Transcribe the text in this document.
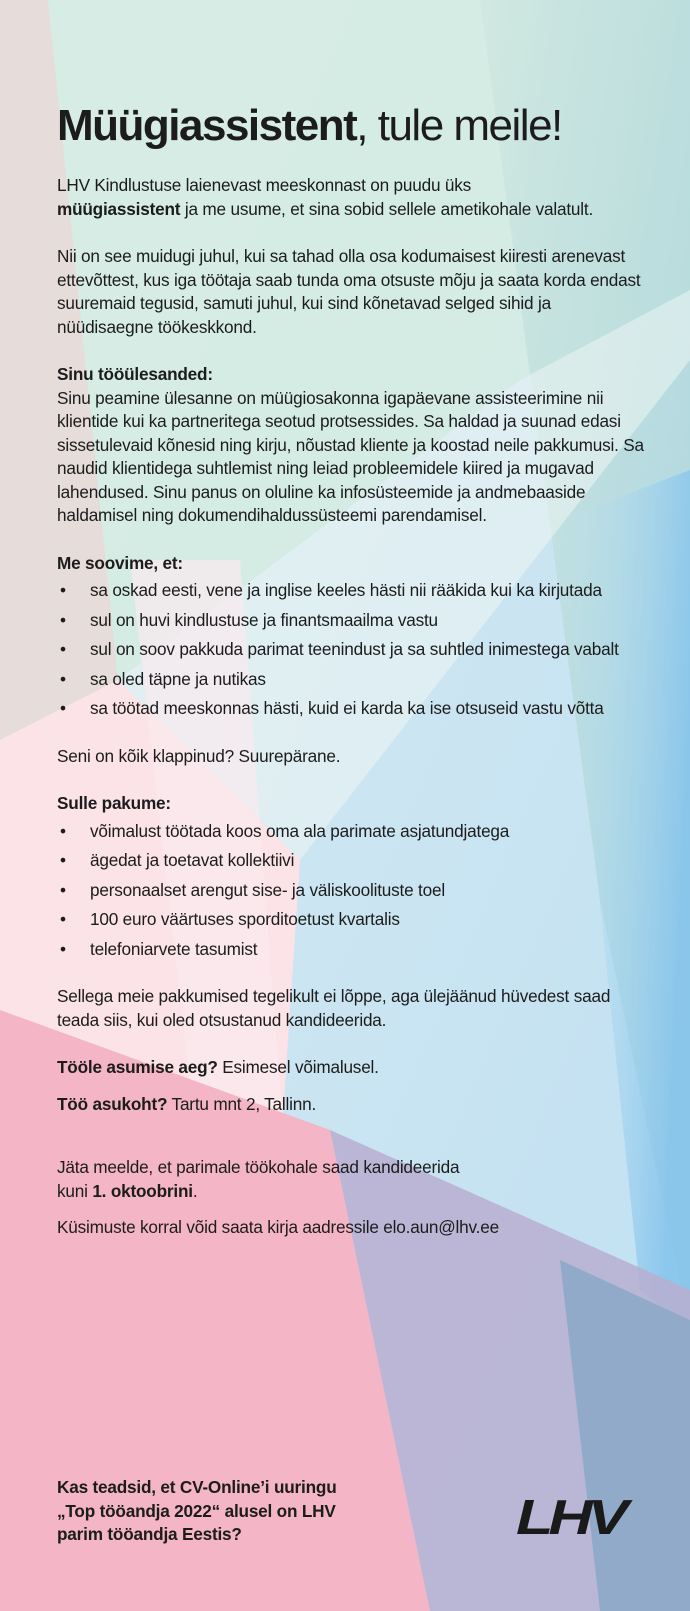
Müügiassistent, tule meile!

LHV Kindlustuse laienevast meeskonnast on puudu üks
müügiassistent ja me usume, et sina sobid sellele ametikohale valatult.

Nii on see muidugi juhul, kui sa tahad olla osa kodumaisest kiiresti arenevast ettevõttest, kus iga töötaja saab tunda oma otsuste mõju ja saata korda endast suuremaid tegusid, samuti juhul, kui sind kõnetavad selged sihid ja nüüdisaegne töökeskkond.

Sinu tööülesanded:

Sinu peamine ülesanne on müügiosakonna igapäevane assisteerimine nii klientide kui ka partneritega seotud protsessides. Sa haldad ja suunad edasi sissetulevaid kõnesid ning kirju, nõustad kliente ja koostad neile pakkumusi. Sa naudid klientidega suhtlemist ning leiad probleemidele kiired ja mugavad lahendused. Sinu panus on oluline ka infosüsteemide ja andmebaaside haldamisel ning dokumendihaldussüsteemi parendamisel.

Me soovime, et:

• sa oskad eesti, vene ja inglise keeles hästi nii rääkida kui ka kirjutada
• sul on huvi kindlustuse ja finantsmaailma vastu
• sul on soov pakkuda parimat teenindust ja sa suhtled inimestega vabalt
• sa oled täpne ja nutikas
• sa töötad meeskonnas hästi, kuid ei karda ka ise otsuseid vastu võtta

Seni on kõik klappinud? Suurepärane.

Sulle pakume:

• võimalust töötada koos oma ala parimate asjatundjatega
• ägedat ja toetavat kollektiivi
• personaalset arengut sise- ja väliskoolituste toel
• 100 euro väärtuses sporditoetust kvartalis
• telefoniarvete tasumist

Sellega meie pakkumised tegelikult ei lõppe, aga ülejäänud hüvedest saad teada siis, kui oled otsustanud kandideerida.

Tööle asumise aeg? Esimesel võimalusel.

Töö asukoht? Tartu mnt 2, Tallinn.

Jäta meelde, et parimale töökohale saad kandideerida
kuni 1. oktoobrini.

Küsimuste korral võid saata kirja aadressile elo.aun@lhv.ee

Kas teadsid, et CV-Online’i uuringu
„Top tööandja 2022“ alusel on LHV
parim tööandja Eestis?	LHV
